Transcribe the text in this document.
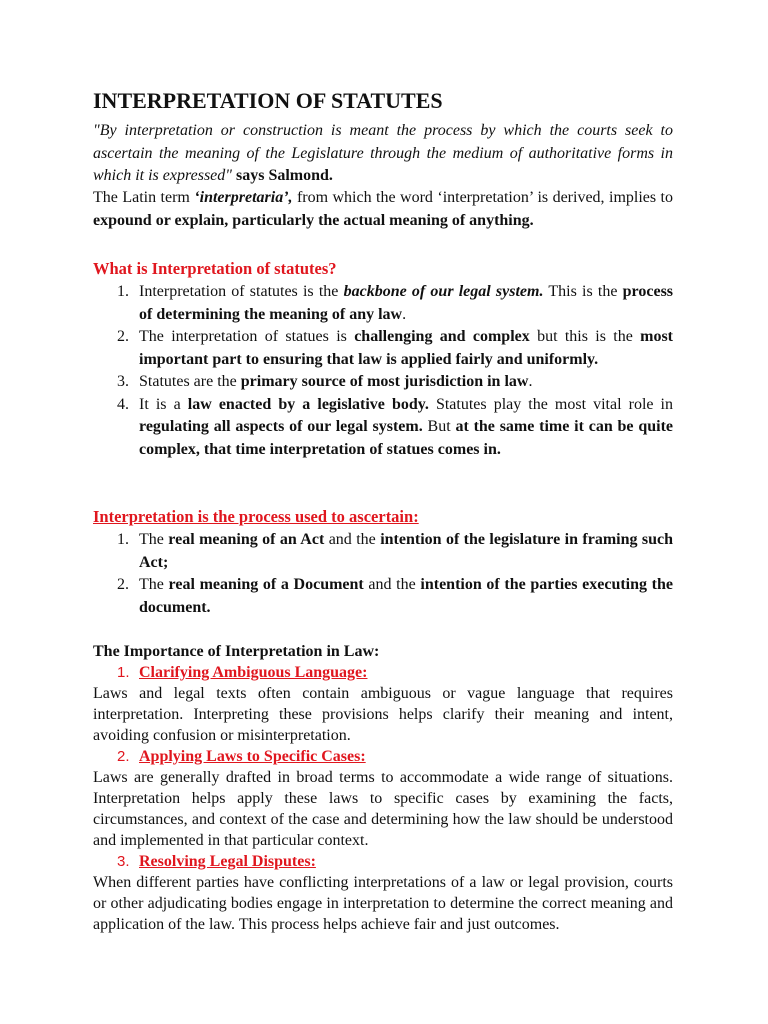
INTERPRETATION OF STATUTES
"By interpretation or construction is meant the process by which the courts seek to ascertain the meaning of the Legislature through the medium of authoritative forms in which it is expressed" says Salmond.
The Latin term ‘interpretaria’, from which the word ‘interpretation’ is derived, implies to expound or explain, particularly the actual meaning of anything.
What is Interpretation of statutes?
1. Interpretation of statutes is the backbone of our legal system. This is the process of determining the meaning of any law.
2. The interpretation of statues is challenging and complex but this is the most important part to ensuring that law is applied fairly and uniformly.
3. Statutes are the primary source of most jurisdiction in law.
4. It is a law enacted by a legislative body. Statutes play the most vital role in regulating all aspects of our legal system. But at the same time it can be quite complex, that time interpretation of statues comes in.
Interpretation is the process used to ascertain:
1. The real meaning of an Act and the intention of the legislature in framing such Act;
2. The real meaning of a Document and the intention of the parties executing the document.
The Importance of Interpretation in Law:
1. Clarifying Ambiguous Language:
Laws and legal texts often contain ambiguous or vague language that requires interpretation. Interpreting these provisions helps clarify their meaning and intent, avoiding confusion or misinterpretation.
2. Applying Laws to Specific Cases:
Laws are generally drafted in broad terms to accommodate a wide range of situations. Interpretation helps apply these laws to specific cases by examining the facts, circumstances, and context of the case and determining how the law should be understood and implemented in that particular context.
3. Resolving Legal Disputes:
When different parties have conflicting interpretations of a law or legal provision, courts or other adjudicating bodies engage in interpretation to determine the correct meaning and application of the law. This process helps achieve fair and just outcomes.
